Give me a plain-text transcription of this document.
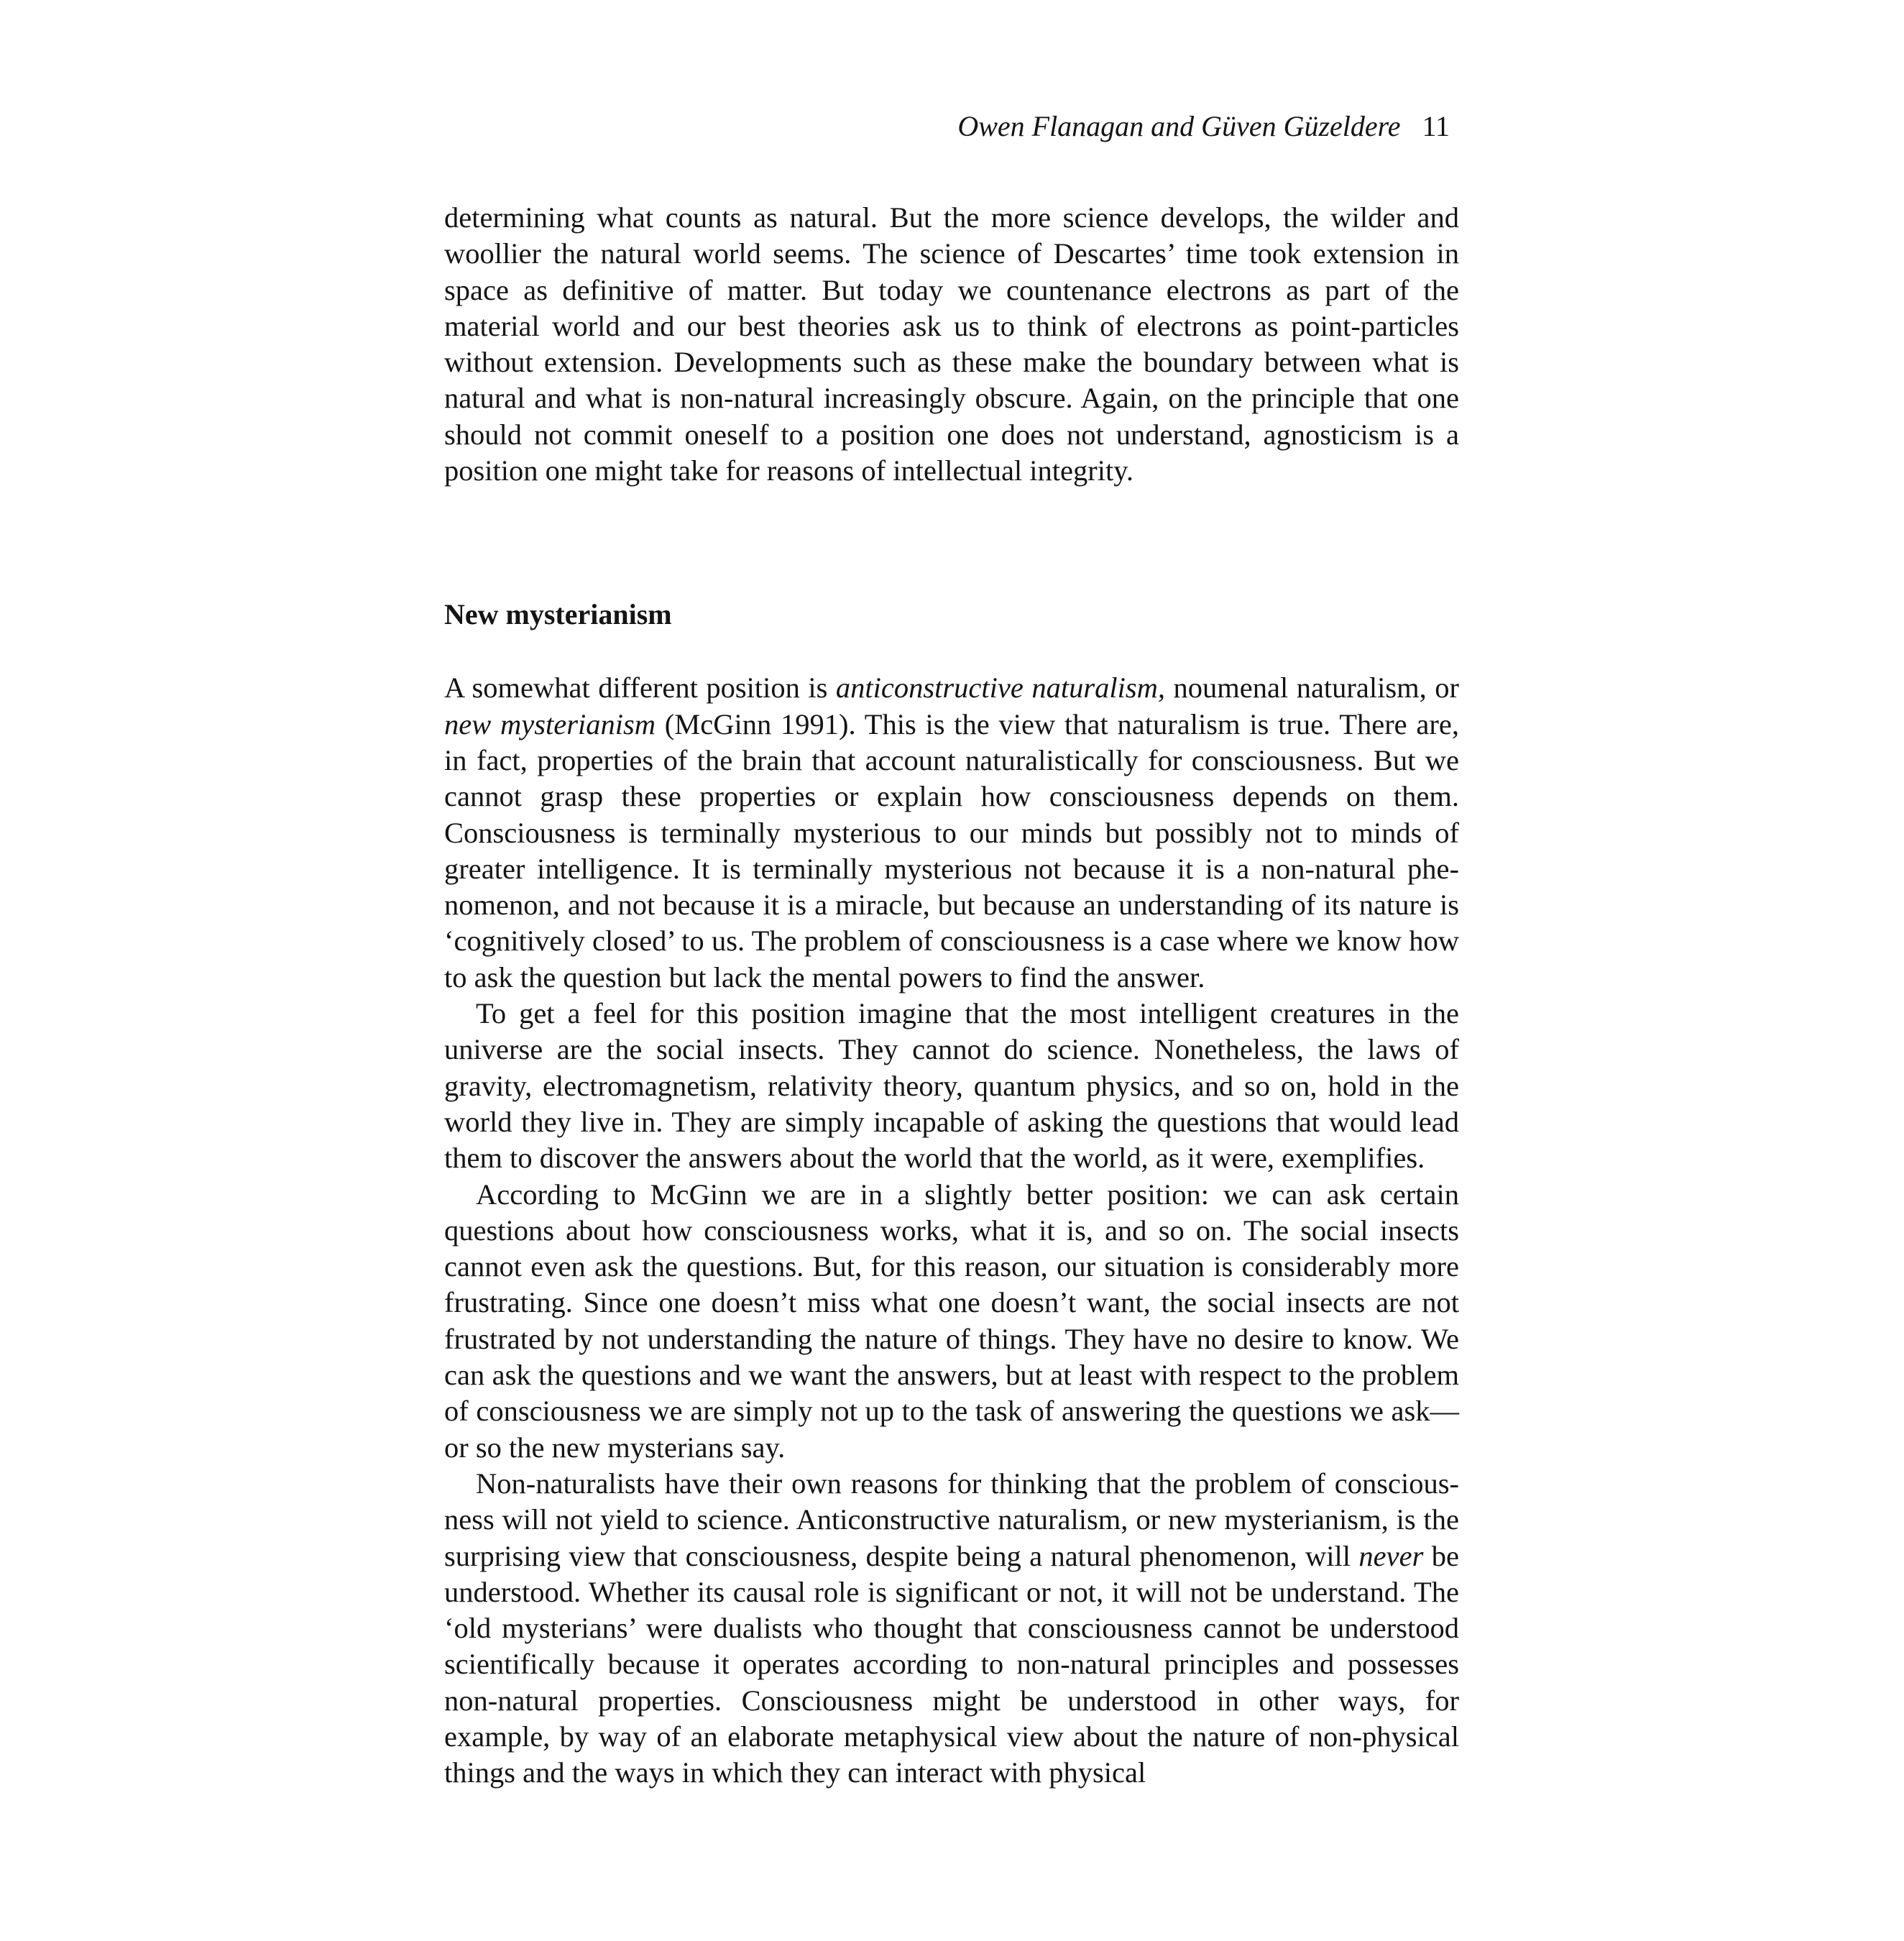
Owen Flanagan and Güven Güzeldere 11

determining what counts as natural. But the more science develops, the wilder and woollier the natural world seems. The science of Descartes’ time took extension in space as definitive of matter. But today we countenance electrons as part of the material world and our best theories ask us to think of electrons as point-particles without extension. Developments such as these make the boundary between what is natural and what is non-natural increasingly obscure. Again, on the principle that one should not commit oneself to a position one does not understand, agnosticism is a position one might take for reasons of intellectual integrity.

New mysterianism

A somewhat different position is anticonstructive naturalism, noumenal naturalism, or new mysterianism (McGinn 1991). This is the view that naturalism is true. There are, in fact, properties of the brain that account naturalistically for consciousness. But we cannot grasp these properties or explain how consciousness depends on them. Consciousness is terminally mysterious to our minds but possibly not to minds of greater intelligence. It is terminally mysterious not because it is a non-natural phenomenon, and not because it is a miracle, but because an understanding of its nature is ‘cognitively closed’ to us. The problem of consciousness is a case where we know how to ask the question but lack the mental powers to find the answer.

To get a feel for this position imagine that the most intelligent creatures in the universe are the social insects. They cannot do science. Nonetheless, the laws of gravity, electromagnetism, relativity theory, quantum physics, and so on, hold in the world they live in. They are simply incapable of asking the questions that would lead them to discover the answers about the world that the world, as it were, exemplifies.

According to McGinn we are in a slightly better position: we can ask certain questions about how consciousness works, what it is, and so on. The social insects cannot even ask the questions. But, for this reason, our situation is considerably more frustrating. Since one doesn’t miss what one doesn’t want, the social insects are not frustrated by not understanding the nature of things. They have no desire to know. We can ask the questions and we want the answers, but at least with respect to the problem of consciousness we are simply not up to the task of answering the questions we ask—or so the new mysterians say.

Non-naturalists have their own reasons for thinking that the problem of consciousness will not yield to science. Anticonstructive naturalism, or new mysterianism, is the surprising view that consciousness, despite being a natural phenomenon, will never be understood. Whether its causal role is significant or not, it will not be understand. The ‘old mysterians’ were dualists who thought that consciousness cannot be understood scientifically because it operates according to non-natural principles and possesses non-natural properties. Consciousness might be understood in other ways, for example, by way of an elaborate metaphysical view about the nature of non-physical things and the ways in which they can interact with physical
